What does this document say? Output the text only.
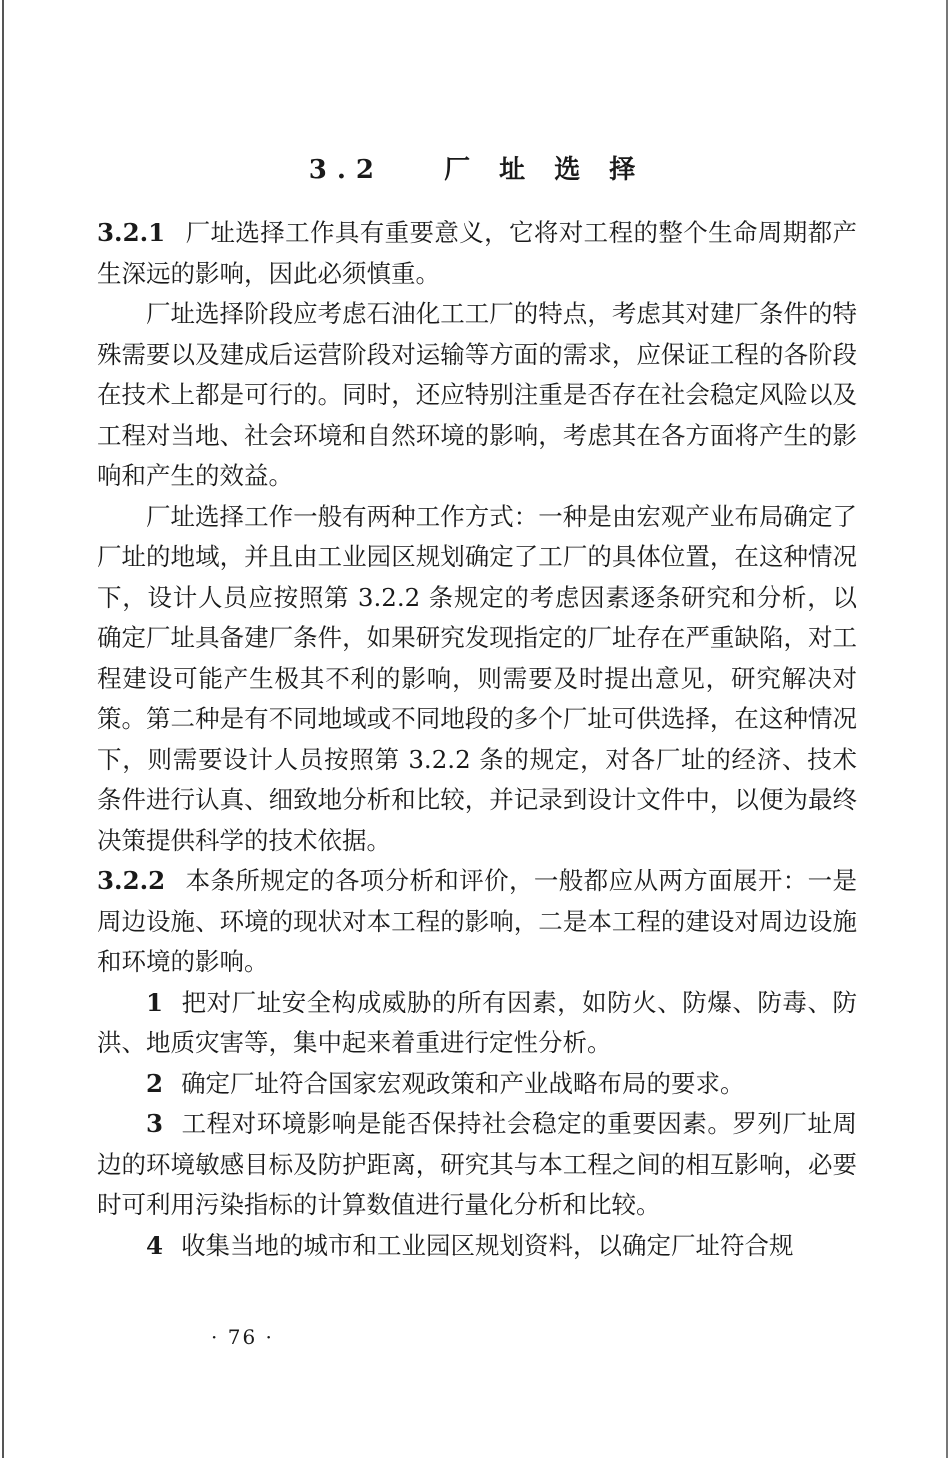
3.2 厂 址 选 择

3.2.1 厂址选择工作具有重要意义，它将对工程的整个生命周期都产生深远的影响，因此必须慎重。

厂址选择阶段应考虑石油化工工厂的特点，考虑其对建厂条件的特殊需要以及建成后运营阶段对运输等方面的需求，应保证工程的各阶段在技术上都是可行的。同时，还应特别注重是否存在社会稳定风险以及工程对当地、社会环境和自然环境的影响，考虑其在各方面将产生的影响和产生的效益。

厂址选择工作一般有两种工作方式：一种是由宏观产业布局确定了厂址的地域，并且由工业园区规划确定了工厂的具体位置，在这种情况下，设计人员应按照第 3.2.2 条规定的考虑因素逐条研究和分析，以确定厂址具备建厂条件，如果研究发现指定的厂址存在严重缺陷，对工程建设可能产生极其不利的影响，则需要及时提出意见，研究解决对策。第二种是有不同地域或不同地段的多个厂址可供选择，在这种情况下，则需要设计人员按照第 3.2.2 条的规定，对各厂址的经济、技术条件进行认真、细致地分析和比较，并记录到设计文件中，以便为最终决策提供科学的技术依据。

3.2.2 本条所规定的各项分析和评价，一般都应从两方面展开：一是周边设施、环境的现状对本工程的影响，二是本工程的建设对周边设施和环境的影响。

1 把对厂址安全构成威胁的所有因素，如防火、防爆、防毒、防洪、地质灾害等，集中起来着重进行定性分析。

2 确定厂址符合国家宏观政策和产业战略布局的要求。

3 工程对环境影响是能否保持社会稳定的重要因素。罗列厂址周边的环境敏感目标及防护距离，研究其与本工程之间的相互影响，必要时可利用污染指标的计算数值进行量化分析和比较。

4 收集当地的城市和工业园区规划资料，以确定厂址符合规

· 76 ·
